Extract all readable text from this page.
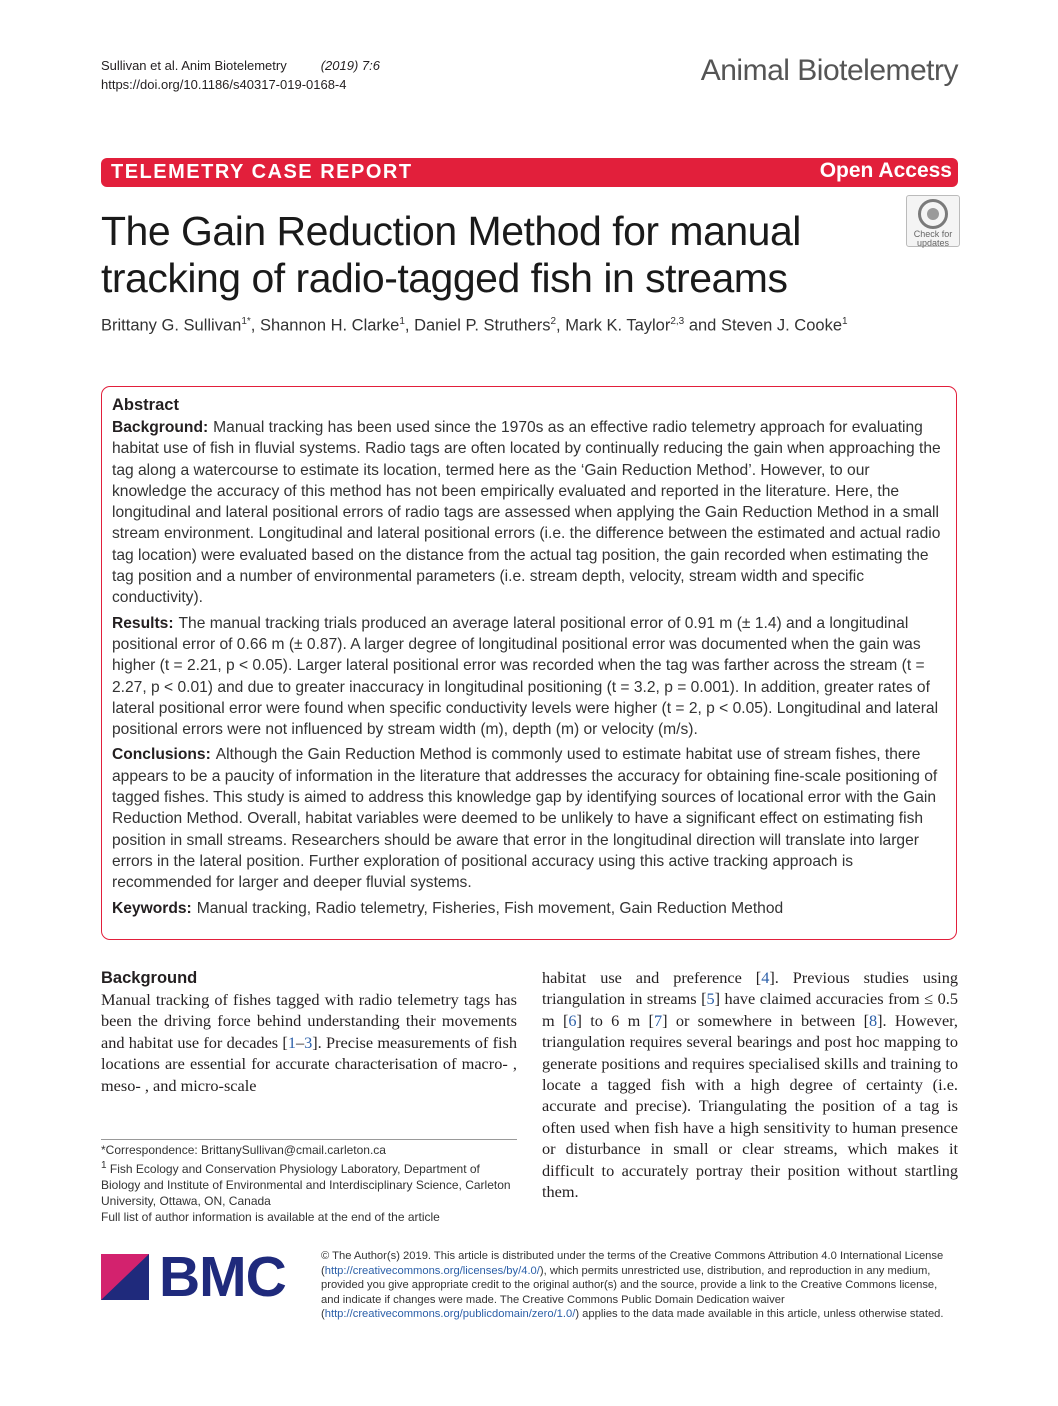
Sullivan et al. Anim Biotelemetry	(2019) 7:6
https://doi.org/10.1186/s40317-019-0168-4	Animal Biotelemetry
TELEMETRY CASE REPORT	Open Access
The Gain Reduction Method for manual tracking of radio-tagged fish in streams
Check for updates
Brittany G. Sullivan$^{1*}$, Shannon H. Clarke$^1$, Daniel P. Struthers$^2$, Mark K. Taylor$^{2,3}$ and Steven J. Cooke$^1$
Abstract

Background: Manual tracking has been used since the 1970s as an effective radio telemetry approach for evaluating habitat use of fish in fluvial systems. Radio tags are often located by continually reducing the gain when approaching the tag along a watercourse to estimate its location, termed here as the ‘Gain Reduction Method’. However, to our knowledge the accuracy of this method has not been empirically evaluated and reported in the literature. Here, the longitudinal and lateral positional errors of radio tags are assessed when applying the Gain Reduction Method in a small stream environment. Longitudinal and lateral positional errors (i.e. the difference between the estimated and actual radio tag location) were evaluated based on the distance from the actual tag position, the gain recorded when estimating the tag position and a number of environmental parameters (i.e. stream depth, velocity, stream width and specific conductivity).

Results: The manual tracking trials produced an average lateral positional error of 0.91 m (± 1.4) and a longitudinal positional error of 0.66 m (± 0.87). A larger degree of longitudinal positional error was documented when the gain was higher (t = 2.21, p < 0.05). Larger lateral positional error was recorded when the tag was farther across the stream (t = 2.27, p < 0.01) and due to greater inaccuracy in longitudinal positioning (t = 3.2, p = 0.001). In addition, greater rates of lateral positional error were found when specific conductivity levels were higher (t = 2, p < 0.05). Longitudinal and lateral positional errors were not influenced by stream width (m), depth (m) or velocity (m/s).

Conclusions: Although the Gain Reduction Method is commonly used to estimate habitat use of stream fishes, there appears to be a paucity of information in the literature that addresses the accuracy for obtaining fine-scale positioning of tagged fishes. This study is aimed to address this knowledge gap by identifying sources of locational error with the Gain Reduction Method. Overall, habitat variables were deemed to be unlikely to have a significant effect on estimating fish position in small streams. Researchers should be aware that error in the longitudinal direction will translate into larger errors in the lateral position. Further exploration of positional accuracy using this active tracking approach is recommended for larger and deeper fluvial systems.

Keywords: Manual tracking, Radio telemetry, Fisheries, Fish movement, Gain Reduction Method

Background

Manual tracking of fishes tagged with radio telemetry tags has been the driving force behind understanding their movements and habitat use for decades [1–3]. Precise measurements of fish locations are essential for accurate characterisation of macro- , meso- , and micro-scale

habitat use and preference [4]. Previous studies using triangulation in streams [5] have claimed accuracies from ≤ 0.5 m [6] to 6 m [7] or somewhere in between [8]. However, triangulation requires several bearings and post hoc mapping to generate positions and requires specialised skills and training to locate a tagged fish with a high degree of certainty (i.e. accurate and precise). Triangulating the position of a tag is often used when fish have a high sensitivity to human presence or disturbance in small or clear streams, which makes it difficult to accurately portray their position without startling them.

*Correspondence: BrittanySullivan@cmail.carleton.ca
$^1$ Fish Ecology and Conservation Physiology Laboratory, Department of Biology and Institute of Environmental and Interdisciplinary Science, Carleton University, Ottawa, ON, Canada
Full list of author information is available at the end of the article
BMC	© The Author(s) 2019. This article is distributed under the terms of the Creative Commons Attribution 4.0 International License (http://creativecommons.org/licenses/by/4.0/), which permits unrestricted use, distribution, and reproduction in any medium, provided you give appropriate credit to the original author(s) and the source, provide a link to the Creative Commons license, and indicate if changes were made. The Creative Commons Public Domain Dedication waiver (http://creativecommons.org/publicdomain/zero/1.0/) applies to the data made available in this article, unless otherwise stated.
